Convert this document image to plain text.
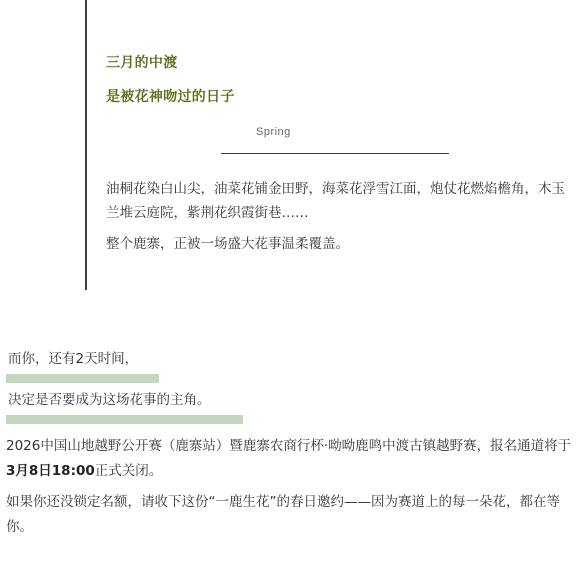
三月的中渡
是被花神吻过的日子
Spring

油桐花染白山尖，油菜花铺金田野，海菜花浮雪江面，炮仗花燃焰檐角，木玉兰堆云庭院，紫荆花织霞街巷……

整个鹿寨，正被一场盛大花事温柔覆盖。

而你，还有2天时间，
决定是否要成为这场花事的主角。

2026中国山地越野公开赛（鹿寨站）暨鹿寨农商行杯·呦呦鹿鸣中渡古镇越野赛，报名通道将于3月8日18:00正式关闭。

如果你还没锁定名额，请收下这份“一鹿生花”的春日邀约——因为赛道上的每一朵花，都在等你。
